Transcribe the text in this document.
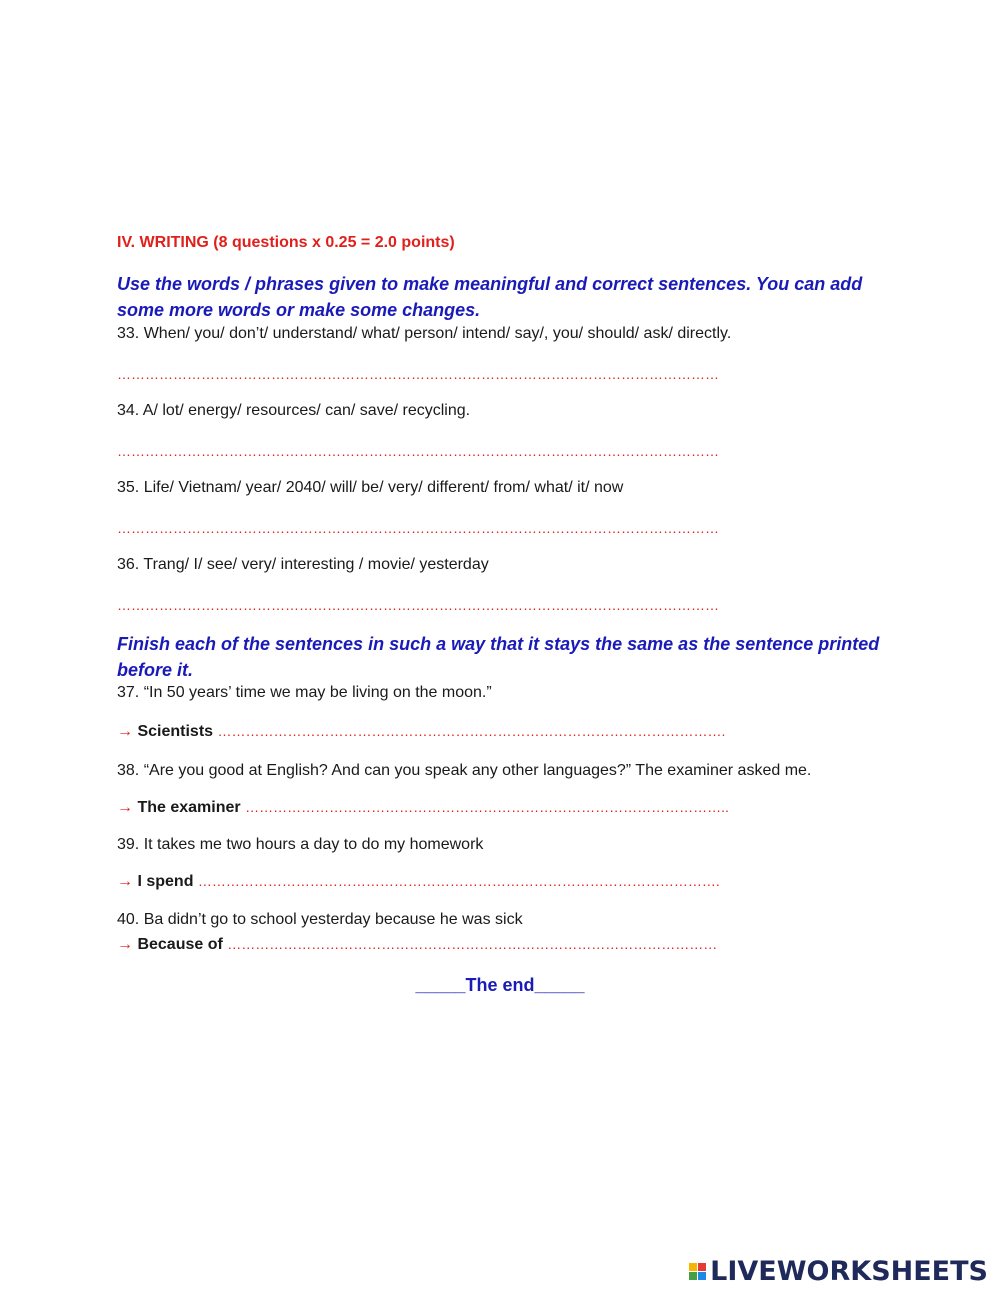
IV. WRITING (8 questions x 0.25 = 2.0 points)
Use the words / phrases given to make meaningful and correct sentences. You can add some more words or make some changes.
33. When/ you/ don’t/ understand/ what/ person/ intend/ say/, you/ should/ ask/ directly.
…………………………………………………………………………………………………………………
34. A/ lot/ energy/ resources/ can/ save/ recycling.
…………………………………………………………………………………………………………………
35. Life/ Vietnam/ year/ 2040/ will/ be/ very/ different/ from/ what/ it/ now
…………………………………………………………………………………………………………………
36. Trang/ I/ see/ very/ interesting / movie/ yesterday
…………………………………………………………………………………………………………………
Finish each of the sentences in such a way that it stays the same as the sentence printed before it.
37. “In 50 years’ time we may be living on the moon.”
→ Scientists ……………………………………………………………………………………………….
38. “Are you good at English? And can you speak any other languages?” The examiner asked me.
→ The examiner …………………………………………………………………………………………..
39. It takes me two hours a day to do my homework
→ I spend ………………………………………………………………………………………………….
40. Ba didn’t go to school yesterday because he was sick
→ Because of ……………………………………………………………………………………………
_____The end_____
LIVEWORKSHEETS
